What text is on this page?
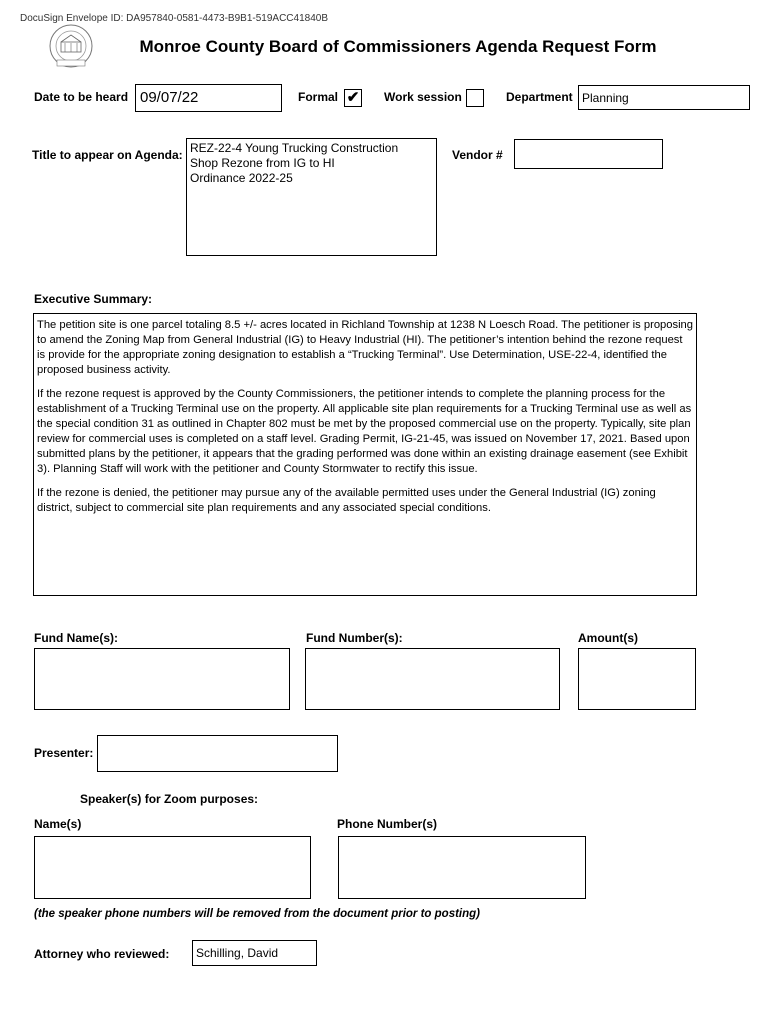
DocuSign Envelope ID: DA957840-0581-4473-B9B1-519ACC41840B
Monroe County Board of Commissioners Agenda Request Form
Date to be heard 09/07/22	Formal ✔ Work session	Department Planning
Title to appear on Agenda: REZ-22-4 Young Trucking Construction
Shop Rezone from IG to HI
Ordinance 2022-25
Vendor #
Executive Summary:

The petition site is one parcel totaling 8.5 +/- acres located in Richland Township at 1238 N Loesch Road. The petitioner is proposing to amend the Zoning Map from General Industrial (IG) to Heavy Industrial (HI). The petitioner’s intention behind the rezone request is provide for the appropriate zoning designation to establish a “Trucking Terminal”. Use Determination, USE-22-4, identified the proposed business activity.

If the rezone request is approved by the County Commissioners, the petitioner intends to complete the planning process for the establishment of a Trucking Terminal use on the property. All applicable site plan requirements for a Trucking Terminal use as well as the special condition 31 as outlined in Chapter 802 must be met by the proposed commercial use on the property. Typically, site plan review for commercial uses is completed on a staff level. Grading Permit, IG-21-45, was issued on November 17, 2021. Based upon submitted plans by the petitioner, it appears that the grading performed was done within an existing drainage easement (see Exhibit 3). Planning Staff will work with the petitioner and County Stormwater to rectify this issue.

If the rezone is denied, the petitioner may pursue any of the available permitted uses under the General Industrial (IG) zoning district, subject to commercial site plan requirements and any associated special conditions.

Fund Name(s):	Fund Number(s):	Amount(s)
Presenter:
Speaker(s) for Zoom purposes:
Name(s)	Phone Number(s)
(the speaker phone numbers will be removed from the document prior to posting)
Attorney who reviewed:	Schilling, David
